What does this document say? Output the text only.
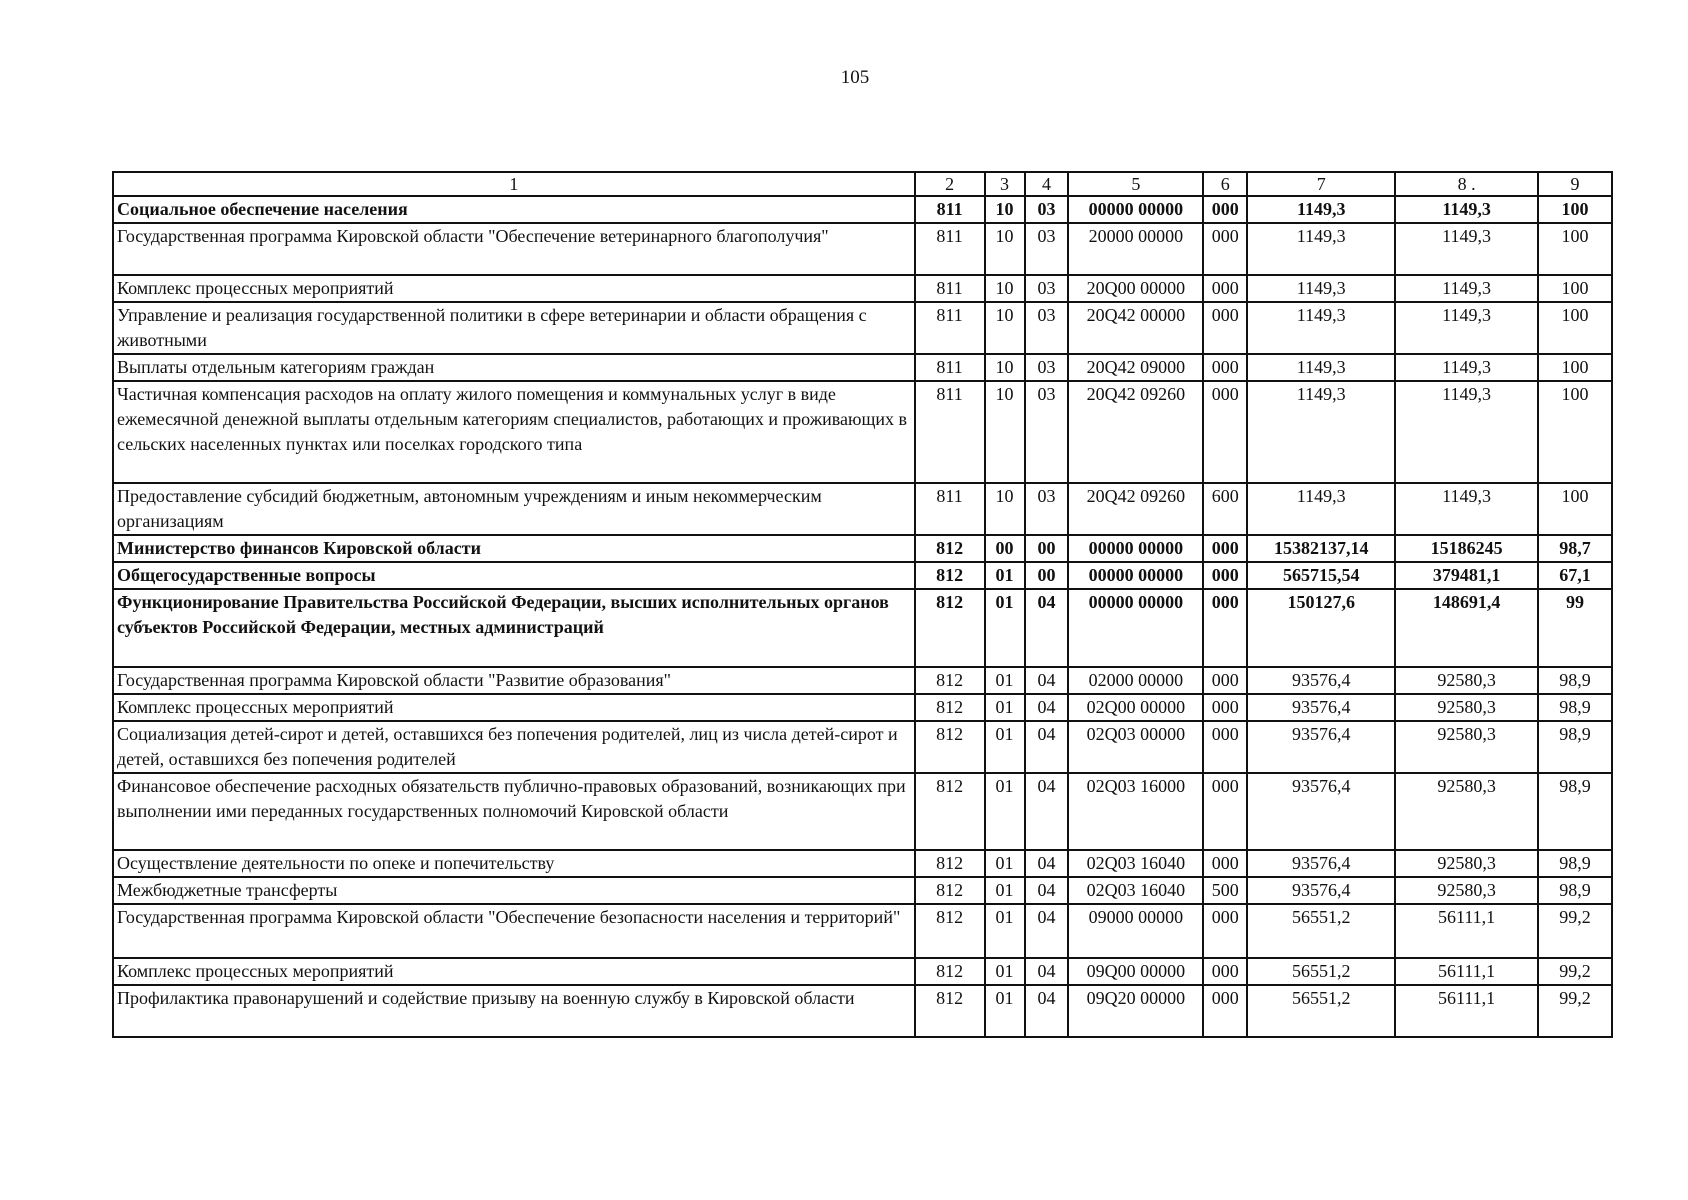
105
1	2	3	4	5	6	7	8 .	9
Социальное обеспечение населения	811	10	03	00000 00000	000	1149,3	1149,3	100
Государственная программа Кировской области "Обеспечение ветеринарного благополучия"	811	10	03	20000 00000	000	1149,3	1149,3	100
Комплекс процессных мероприятий	811	10	03	20Q00 00000	000	1149,3	1149,3	100
Управление и реализация государственной политики в сфере ветеринарии и области обращения с животными	811	10	03	20Q42 00000	000	1149,3	1149,3	100
Выплаты отдельным категориям граждан	811	10	03	20Q42 09000	000	1149,3	1149,3	100
Частичная компенсация расходов на оплату жилого помещения и коммунальных услуг в виде ежемесячной денежной выплаты отдельным категориям специалистов, работающих и проживающих в сельских населенных пунктах или поселках городского типа	811	10	03	20Q42 09260	000	1149,3	1149,3	100
Предоставление субсидий бюджетным, автономным учреждениям и иным некоммерческим организациям	811	10	03	20Q42 09260	600	1149,3	1149,3	100
Министерство финансов Кировской области	812	00	00	00000 00000	000	15382137,14	15186245	98,7
Общегосударственные вопросы	812	01	00	00000 00000	000	565715,54	379481,1	67,1
Функционирование Правительства Российской Федерации, высших исполнительных органов субъектов Российской Федерации, местных администраций	812	01	04	00000 00000	000	150127,6	148691,4	99
Государственная программа Кировской области "Развитие образования"	812	01	04	02000 00000	000	93576,4	92580,3	98,9
Комплекс процессных мероприятий	812	01	04	02Q00 00000	000	93576,4	92580,3	98,9
Социализация детей-сирот и детей, оставшихся без попечения родителей, лиц из числа детей-сирот и детей, оставшихся без попечения родителей	812	01	04	02Q03 00000	000	93576,4	92580,3	98,9
Финансовое обеспечение расходных обязательств публично-правовых образований, возникающих при выполнении ими переданных государственных полномочий Кировской области	812	01	04	02Q03 16000	000	93576,4	92580,3	98,9
Осуществление деятельности по опеке и попечительству	812	01	04	02Q03 16040	000	93576,4	92580,3	98,9
Межбюджетные трансферты	812	01	04	02Q03 16040	500	93576,4	92580,3	98,9
Государственная программа Кировской области "Обеспечение безопасности населения и территорий"	812	01	04	09000 00000	000	56551,2	56111,1	99,2
Комплекс процессных мероприятий	812	01	04	09Q00 00000	000	56551,2	56111,1	99,2
Профилактика правонарушений и содействие призыву на военную службу в Кировской области	812	01	04	09Q20 00000	000	56551,2	56111,1	99,2
